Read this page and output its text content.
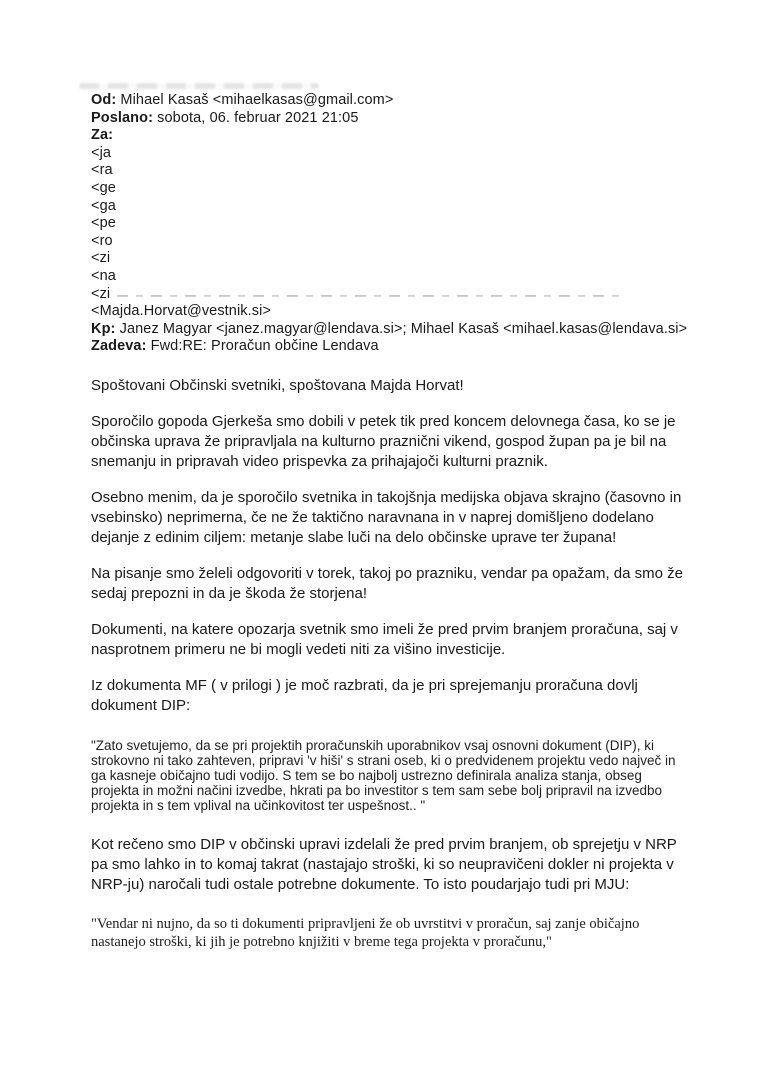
Od: Mihael Kasaš <mihaelkasas@gmail.com>
Poslano: sobota, 06. februar 2021 21:05
Za:
<ja
<ra
<ge
<ga
<pe
<ro
<zi
<na
<zi
<Majda.Horvat@vestnik.si>
Kp: Janez Magyar <janez.magyar@lendava.si>; Mihael Kasaš <mihael.kasas@lendava.si>
Zadeva: Fwd:RE: Proračun občine Lendava

Spoštovani Občinski svetniki, spoštovana Majda Horvat!

Sporočilo gopoda Gjerkeša smo dobili v petek tik pred koncem delovnega časa, ko se je občinska uprava že pripravljala na kulturno praznični vikend, gospod župan pa je bil na snemanju in pripravah video prispevka za prihajajoči kulturni praznik.

Osebno menim, da je sporočilo svetnika in takojšnja medijska objava skrajno (časovno in vsebinsko) neprimerna, če ne že taktično naravnana in v naprej domišljeno dodelano dejanje z edinim ciljem: metanje slabe luči na delo občinske uprave ter župana!

Na pisanje smo želeli odgovoriti v torek, takoj po prazniku, vendar pa opažam, da smo že sedaj prepozni in da je škoda že storjena!

Dokumenti, na katere opozarja svetnik smo imeli že pred prvim branjem proračuna, saj v nasprotnem primeru ne bi mogli vedeti niti za višino investicije.

Iz dokumenta MF ( v prilogi ) je moč razbrati, da je pri sprejemanju proračuna dovlj dokument DIP:

"Zato svetujemo, da se pri projektih proračunskih uporabnikov vsaj osnovni dokument (DIP), ki strokovno ni tako zahteven, pripravi 'v hiši' s strani oseb, ki o predvidenem projektu vedo največ in ga kasneje običajno tudi vodijo. S tem se bo najbolj ustrezno definirala analiza stanja, obseg projekta in možni načini izvedbe, hkrati pa bo investitor s tem sam sebe bolj pripravil na izvedbo projekta in s tem vplival na učinkovitost ter uspešnost.. "

Kot rečeno smo DIP v občinski upravi izdelali že pred prvim branjem, ob sprejetju v NRP pa smo lahko in to komaj takrat (nastajajo stroški, ki so neupravičeni dokler ni projekta v NRP-ju) naročali tudi ostale potrebne dokumente. To isto poudarjajo tudi pri MJU:

"Vendar ni nujno, da so ti dokumenti pripravljeni že ob uvrstitvi v proračun, saj zanje običajno nastanejo stroški, ki jih je potrebno knjižiti v breme tega projekta v proračunu,"
